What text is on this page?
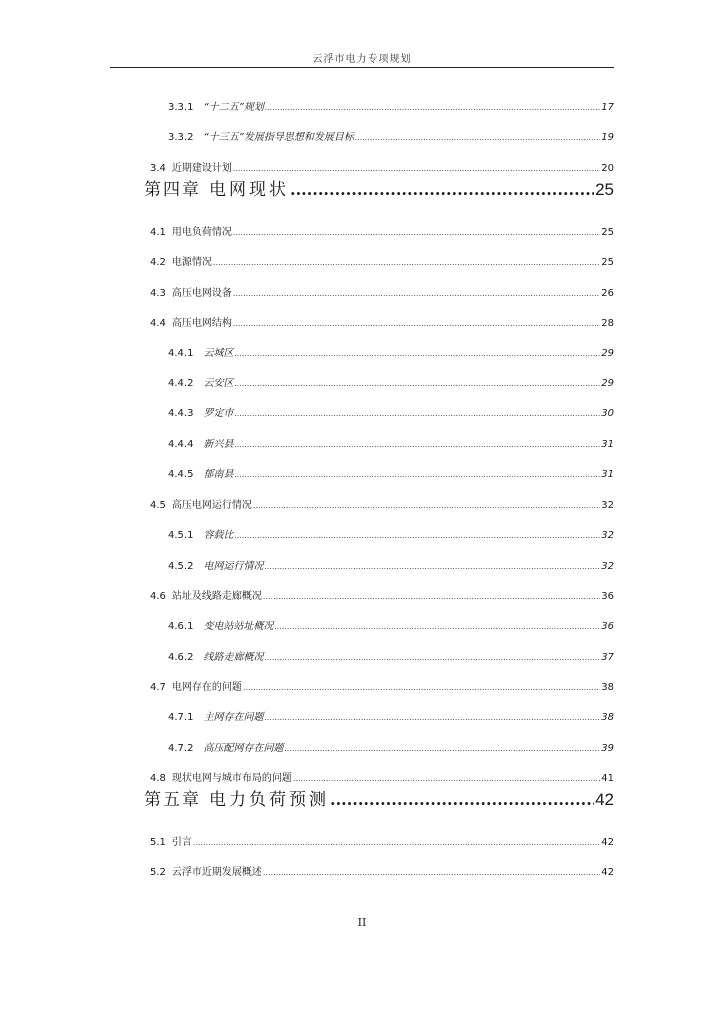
云浮市电力专项规划
3.3.1 “十二五”规划 .....	17
3.3.2 “十三五”发展指导思想和发展目标 .....	19
3.4 近期建设计划 .....	20
第四章 电网现状 .....	25
4.1 用电负荷情况 .....	25
4.2 电源情况 .....	25
4.3 高压电网设备 .....	26
4.4 高压电网结构 .....	28
4.4.1 云城区 .....	29
4.4.2 云安区 .....	29
4.4.3 罗定市 .....	30
4.4.4 新兴县 .....	31
4.4.5 郁南县 .....	31
4.5 高压电网运行情况 .....	32
4.5.1 容载比 .....	32
4.5.2 电网运行情况 .....	32
4.6 站址及线路走廊概况 .....	36
4.6.1 变电站站址概况 .....	36
4.6.2 线路走廊概况 .....	37
4.7 电网存在的问题 .....	38
4.7.1 主网存在问题 .....	38
4.7.2 高压配网存在问题 .....	39
4.8 现状电网与城市布局的问题 .....	41
第五章 电力负荷预测 .....	42
5.1 引言 .....	42
5.2 云浮市近期发展概述 .....	42
II
